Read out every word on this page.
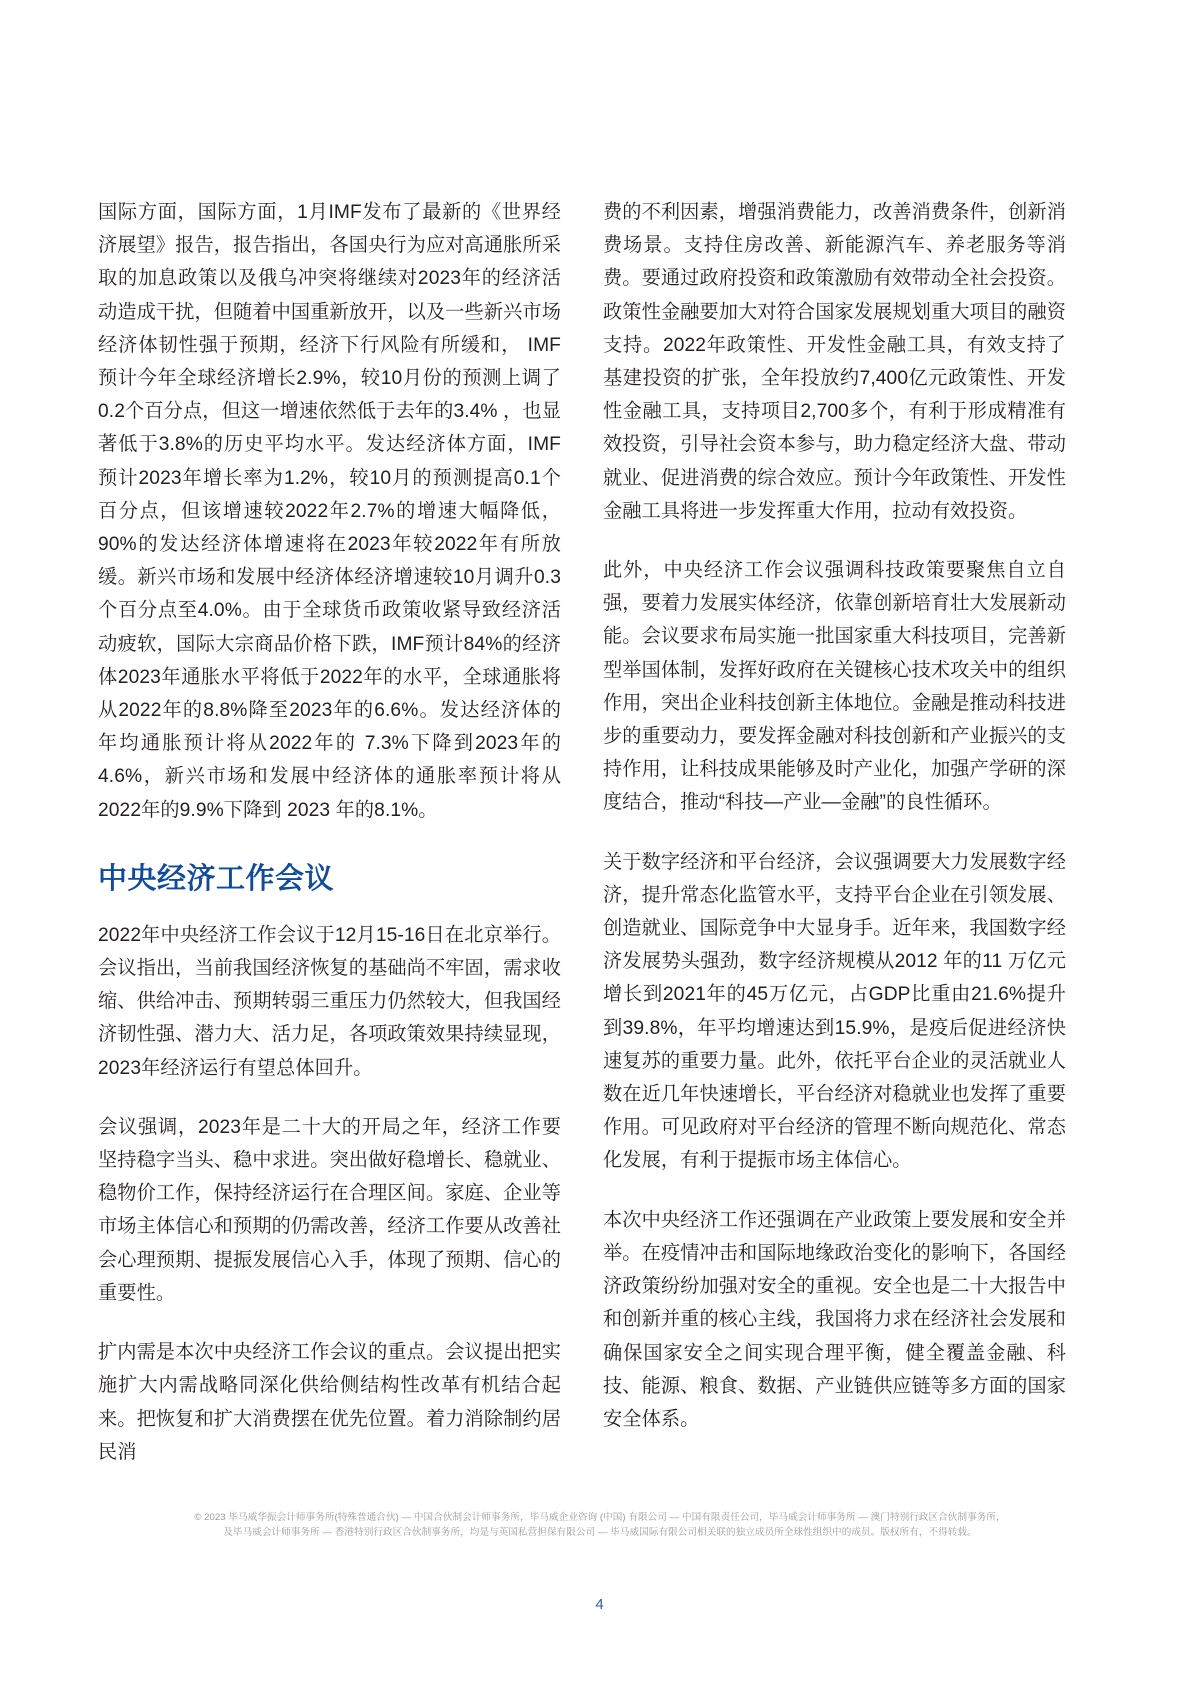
国际方面，国际方面，1月IMF发布了最新的《世界经济展望》报告，报告指出，各国央行为应对高通胀所采取的加息政策以及俄乌冲突将继续对2023年的经济活动造成干扰，但随着中国重新放开，以及一些新兴市场经济体韧性强于预期，经济下行风险有所缓和， IMF预计今年全球经济增长2.9%，较10月份的预测上调了0.2个百分点，但这一增速依然低于去年的3.4% ，也显著低于3.8%的历史平均水平。发达经济体方面，IMF预计2023年增长率为1.2%，较10月的预测提高0.1个百分点，但该增速较2022年2.7%的增速大幅降低，90%的发达经济体增速将在2023年较2022年有所放缓。新兴市场和发展中经济体经济增速较10月调升0.3个百分点至4.0%。由于全球货币政策收紧导致经济活动疲软，国际大宗商品价格下跌，IMF预计84%的经济体2023年通胀水平将低于2022年的水平，全球通胀将从2022年的8.8%降至2023年的6.6%。发达经济体的年均通胀预计将从2022年的 7.3%下降到2023年的4.6%，新兴市场和发展中经济体的通胀率预计将从2022年的9.9%下降到 2023 年的8.1%。

中央经济工作会议

2022年中央经济工作会议于12月15-16日在北京举行。会议指出，当前我国经济恢复的基础尚不牢固，需求收缩、供给冲击、预期转弱三重压力仍然较大，但我国经济韧性强、潜力大、活力足，各项政策效果持续显现，2023年经济运行有望总体回升。

会议强调，2023年是二十大的开局之年，经济工作要坚持稳字当头、稳中求进。突出做好稳增长、稳就业、稳物价工作，保持经济运行在合理区间。家庭、企业等市场主体信心和预期的仍需改善，经济工作要从改善社会心理预期、提振发展信心入手，体现了预期、信心的重要性。

扩内需是本次中央经济工作会议的重点。会议提出把实施扩大内需战略同深化供给侧结构性改革有机结合起来。把恢复和扩大消费摆在优先位置。着力消除制约居民消

费的不利因素，增强消费能力，改善消费条件，创新消费场景。支持住房改善、新能源汽车、养老服务等消费。要通过政府投资和政策激励有效带动全社会投资。政策性金融要加大对符合国家发展规划重大项目的融资支持。2022年政策性、开发性金融工具，有效支持了基建投资的扩张，全年投放约7,400亿元政策性、开发性金融工具，支持项目2,700多个，有利于形成精准有效投资，引导社会资本参与，助力稳定经济大盘、带动就业、促进消费的综合效应。预计今年政策性、开发性金融工具将进一步发挥重大作用，拉动有效投资。

此外，中央经济工作会议强调科技政策要聚焦自立自强，要着力发展实体经济，依靠创新培育壮大发展新动能。会议要求布局实施一批国家重大科技项目，完善新型举国体制，发挥好政府在关键核心技术攻关中的组织作用，突出企业科技创新主体地位。金融是推动科技进步的重要动力，要发挥金融对科技创新和产业振兴的支持作用，让科技成果能够及时产业化，加强产学研的深度结合，推动“科技—产业—金融”的良性循环。

关于数字经济和平台经济，会议强调要大力发展数字经济，提升常态化监管水平，支持平台企业在引领发展、创造就业、国际竞争中大显身手。近年来，我国数字经济发展势头强劲，数字经济规模从2012 年的11 万亿元增长到2021年的45万亿元，占GDP比重由21.6%提升到39.8%，年平均增速达到15.9%，是疫后促进经济快速复苏的重要力量。此外，依托平台企业的灵活就业人数在近几年快速增长，平台经济对稳就业也发挥了重要作用。可见政府对平台经济的管理不断向规范化、常态化发展，有利于提振市场主体信心。

本次中央经济工作还强调在产业政策上要发展和安全并举。在疫情冲击和国际地缘政治变化的影响下，各国经济政策纷纷加强对安全的重视。安全也是二十大报告中和创新并重的核心主线，我国将力求在经济社会发展和确保国家安全之间实现合理平衡，健全覆盖金融、科技、能源、粮食、数据、产业链供应链等多方面的国家安全体系。

© 2023 毕马威华振会计师事务所(特殊普通合伙) — 中国合伙制会计师事务所，毕马威企业咨询 (中国) 有限公司 — 中国有限责任公司，毕马威会计师事务所 — 澳门特别行政区合伙制事务所，
及毕马威会计师事务所 — 香港特别行政区合伙制事务所，均是与英国私营担保有限公司 — 毕马威国际有限公司相关联的独立成员所全球性组织中的成员。版权所有，不得转载。
4
